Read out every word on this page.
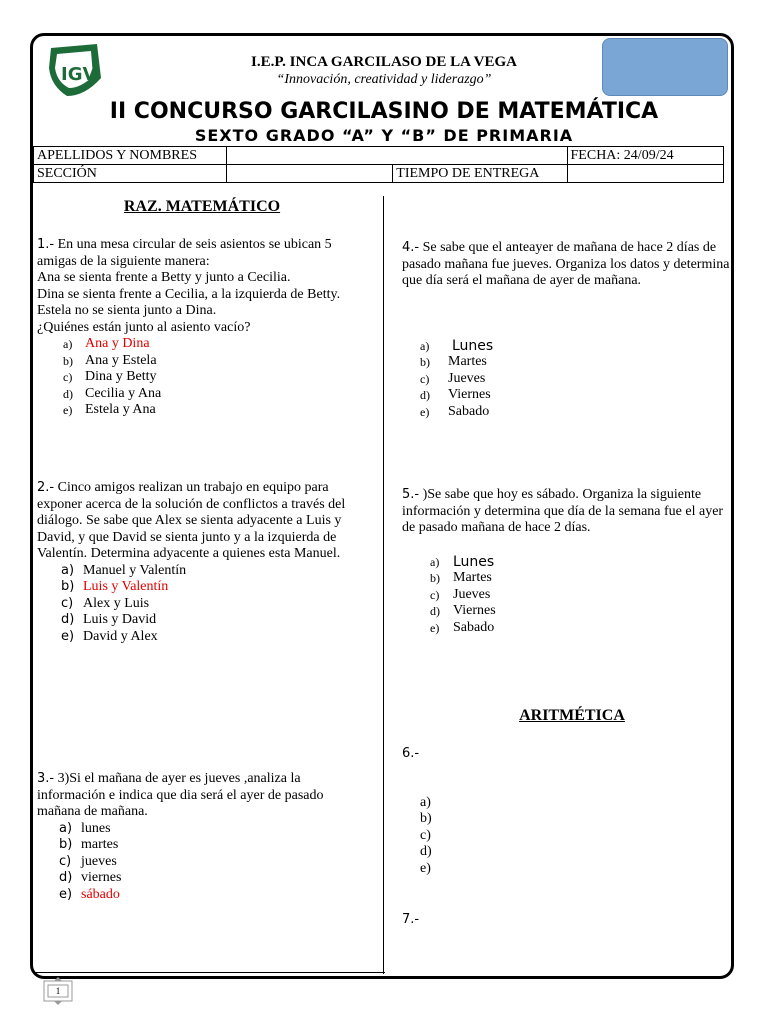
IGV
I.E.P. INCA GARCILASO DE LA VEGA
“Innovación, creatividad y liderazgo”
II CONCURSO GARCILASINO DE MATEMÁTICA
SEXTO GRADO “A” Y “B” DE PRIMARIA
APELLIDOS Y NOMBRES			FECHA: 24/09/24
SECCIÓN		TIEMPO DE ENTREGA	

RAZ. MATEMÁTICO

1.- En una mesa circular de seis asientos se ubican 5 amigas de la siguiente manera:

Ana se sienta frente a Betty y junto a Cecilia.

Dina se sienta frente a Cecilia, a la izquierda de Betty.

Estela no se sienta junto a Dina.

¿Quiénes están junto al asiento vacío?

a) Ana y Dina
b) Ana y Estela
c) Dina y Betty
d) Cecilia y Ana
e) Estela y Ana

2.- Cinco amigos realizan un trabajo en equipo para exponer acerca de la solución de conflictos a través del diálogo. Se sabe que Alex se sienta adyacente a Luis y David, y que David se sienta junto y a la izquierda de Valentín. Determina adyacente a quienes esta Manuel.

a) Manuel y Valentín
b) Luis y Valentín
c) Alex y Luis
d) Luis y David
e) David y Alex

3.- 3)Si el mañana de ayer es jueves ,analiza la información e indica que dia será el ayer de pasado mañana de mañana.

a) lunes
b) martes
c) jueves
d) viernes
e) sábado

4.- Se sabe que el anteayer de mañana de hace 2 días de pasado mañana fue jueves. Organiza los datos y determina que día será el mañana de ayer de mañana.

a)	Lunes
b)	Martes
c)	Jueves
d)	Viernes
e)	Sabado

5.- )Se sabe que hoy es sábado. Organiza la siguiente información y determina que día de la semana fue el ayer de pasado mañana de hace 2 días.

a) Lunes
b) Martes
c) Jueves
d) Viernes
e) Sabado

ARITMÉTICA

6.-

a)
b)
c)
d)
e)

7.-

1
